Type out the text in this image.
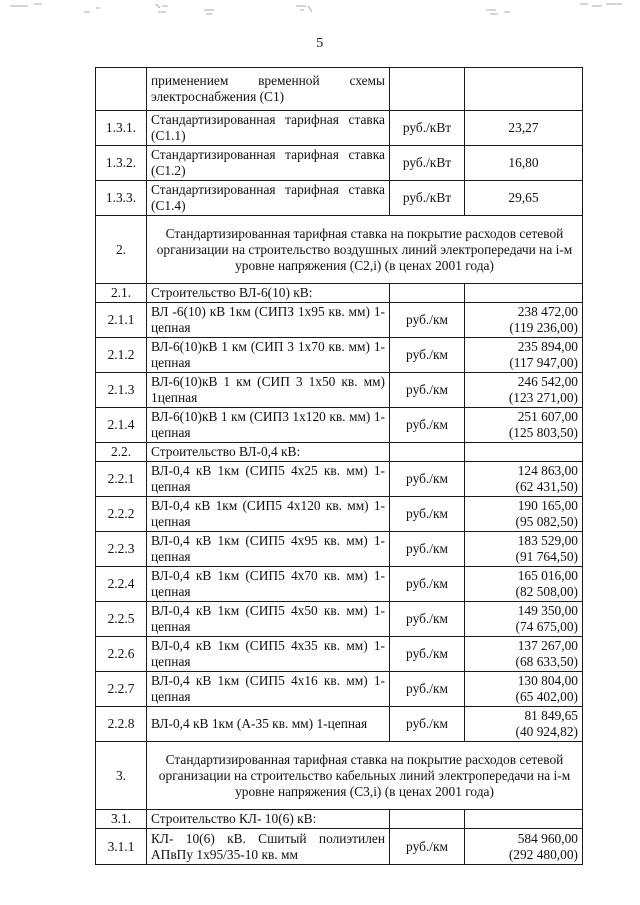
5
	применением временной схемы электроснабжения (С1)		

1.3.1.	Стандартизированная тарифная ставка (С1.1)	руб./кВт	23,27

1.3.2.	Стандартизированная тарифная ставка (С1.2)	руб./кВт	16,80

1.3.3.	Стандартизированная тарифная ставка (С1.4)	руб./кВт	29,65

2.	Стандартизированная тарифная ставка на покрытие расходов сетевой организации на строительство воздушных линий электропередачи на i-м уровне напряжения (С2,i) (в ценах 2001 года)		
2.1.	Строительство ВЛ-6(10) кВ:		

2.1.1	ВЛ -6(10) кВ 1км (СИПЗ 1х95 кв. мм) 1-цепная	руб./км	238 472,00
(119 236,00)

2.1.2	ВЛ-6(10)кВ 1 км (СИП 3 1х70 кв. мм) 1-цепная	руб./км	235 894,00
(117 947,00)

2.1.3	ВЛ-6(10)кВ 1 км (СИП 3 1х50 кв. мм) 1цепная	руб./км	246 542,00
(123 271,00)

2.1.4	ВЛ-6(10)кВ 1 км (СИП3 1х120 кв. мм) 1-цепная	руб./км	251 607,00
(125 803,50)

2.2.	Строительство ВЛ-0,4 кВ:		

2.2.1	ВЛ-0,4 кВ 1км (СИП5 4х25 кв. мм) 1- цепная	руб./км	124 863,00
(62 431,50)

2.2.2	ВЛ-0,4 кВ 1км (СИП5 4х120 кв. мм) 1- цепная	руб./км	190 165,00
(95 082,50)

2.2.3	ВЛ-0,4 кВ 1км (СИП5 4х95 кв. мм) 1- цепная	руб./км	183 529,00
(91 764,50)

2.2.4	ВЛ-0,4 кВ 1км (СИП5 4х70 кв. мм) 1- цепная	руб./км	165 016,00
(82 508,00)

2.2.5	ВЛ-0,4 кВ 1км (СИП5 4х50 кв. мм) 1- цепная	руб./км	149 350,00
(74 675,00)

2.2.6	ВЛ-0,4 кВ 1км (СИП5 4х35 кв. мм) 1- цепная	руб./км	137 267,00
(68 633,50)

2.2.7	ВЛ-0,4 кВ 1км (СИП5 4х16 кв. мм) 1- цепная	руб./км	130 804,00
(65 402,00)

2.2.8	ВЛ-0,4 кВ 1км (А-35 кв. мм) 1-цепная	руб./км	81 849,65
(40 924,82)

3.	Стандартизированная тарифная ставка на покрытие расходов сетевой организации на строительство кабельных линий электропередачи на i-м уровне напряжения (С3,i) (в ценах 2001 года)		
3.1.	Строительство КЛ- 10(6) кВ:		

3.1.1	КЛ- 10(6) кВ. Сшитый полиэтилен АПвПу 1х95/35-10 кв. мм	руб./км	584 960,00
(292 480,00)
